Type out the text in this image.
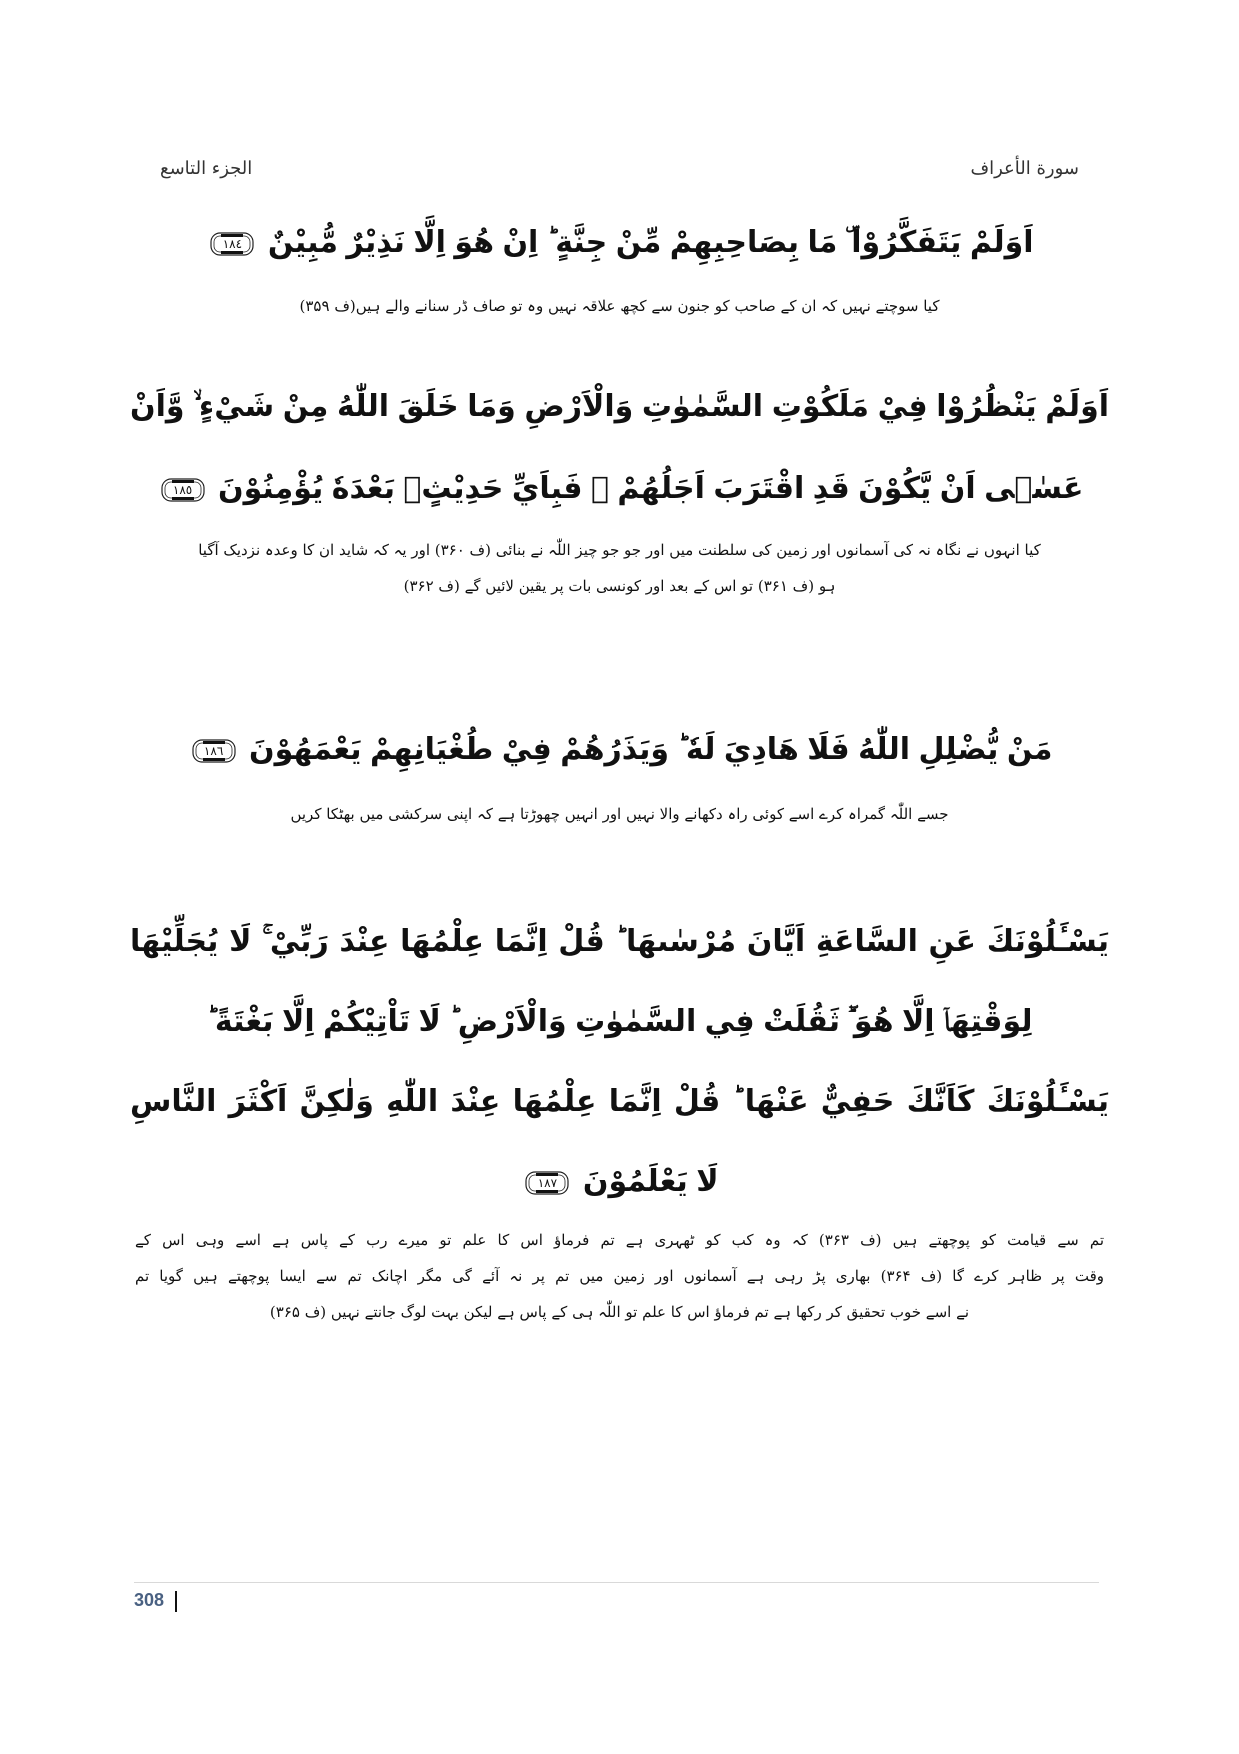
الجزء التاسع	سورة الأعراف
اَوَلَمْ يَتَفَكَّرُوْا ۜ مَا بِصَاحِبِهِمْ مِّنْ جِنَّةٍ ؕ اِنْ هُوَ اِلَّا نَذِيْرٌ مُّبِيْنٌ
١٨٤
کیا سوچتے نہیں کہ ان کے صاحب کو جنون سے کچھ علاقہ نہیں وہ تو صاف ڈر سنانے والے ہیں(ف ۳۵۹)
اَوَلَمْ يَنْظُرُوْا فِيْ مَلَكُوْتِ السَّمٰوٰتِ وَالْاَرْضِ وَمَا خَلَقَ اللّٰهُ مِنْ شَيْءٍ ۙ وَّاَنْ
عَسٰۤى اَنْ يَّكُوْنَ قَدِ اقْتَرَبَ اَجَلُهُمْ ۚ فَبِاَيِّ حَدِيْثٍۭ بَعْدَهٗ يُؤْمِنُوْنَ
١٨٥
کیا انہوں نے نگاہ نہ کی آسمانوں اور زمین کی سلطنت میں اور جو جو چیز اللّٰہ نے بنائی (ف ۳۶۰) اور یہ کہ شاید ان کا وعدہ نزدیک آگیا
ہو (ف ۳۶۱) تو اس کے بعد اور کونسی بات پر یقین لائیں گے (ف ۳۶۲)
مَنْ يُّضْلِلِ اللّٰهُ فَلَا هَادِيَ لَهٗ ؕ وَيَذَرُهُمْ فِيْ طُغْيَانِهِمْ يَعْمَهُوْنَ
١٨٦
جسے اللّٰہ گمراہ کرے اسے کوئی راہ دکھانے والا نہیں اور انہیں چھوڑتا ہے کہ اپنی سرکشی میں بھٹکا کریں
يَسْـَٔلُوْنَكَ عَنِ السَّاعَةِ اَيَّانَ مُرْسٰىهَا ؕ قُلْ اِنَّمَا عِلْمُهَا عِنْدَ رَبِّيْ ۚ لَا يُجَلِّيْهَا
لِوَقْتِهَاۤ اِلَّا هُوَ ؔؕ ثَقُلَتْ فِي السَّمٰوٰتِ وَالْاَرْضِ ؕ لَا تَاْتِيْكُمْ اِلَّا بَغْتَةً ؕ
يَسْـَٔلُوْنَكَ كَاَنَّكَ حَفِيٌّ عَنْهَا ؕ قُلْ اِنَّمَا عِلْمُهَا عِنْدَ اللّٰهِ وَلٰكِنَّ اَكْثَرَ النَّاسِ
لَا يَعْلَمُوْنَ
١٨٧
تم سے قیامت کو پوچھتے ہیں (ف ۳۶۳) کہ وہ کب کو ٹھہری ہے تم فرماؤ اس کا علم تو میرے رب کے پاس ہے اسے وہی اس کے
وقت پر ظاہر کرے گا (ف ۳۶۴) بھاری پڑ رہی ہے آسمانوں اور زمین میں تم پر نہ آئے گی مگر اچانک تم سے ایسا پوچھتے ہیں گویا تم
نے اسے خوب تحقیق کر رکھا ہے تم فرماؤ اس کا علم تو اللّٰہ ہی کے پاس ہے لیکن بہت لوگ جانتے نہیں (ف ۳۶۵)
308
